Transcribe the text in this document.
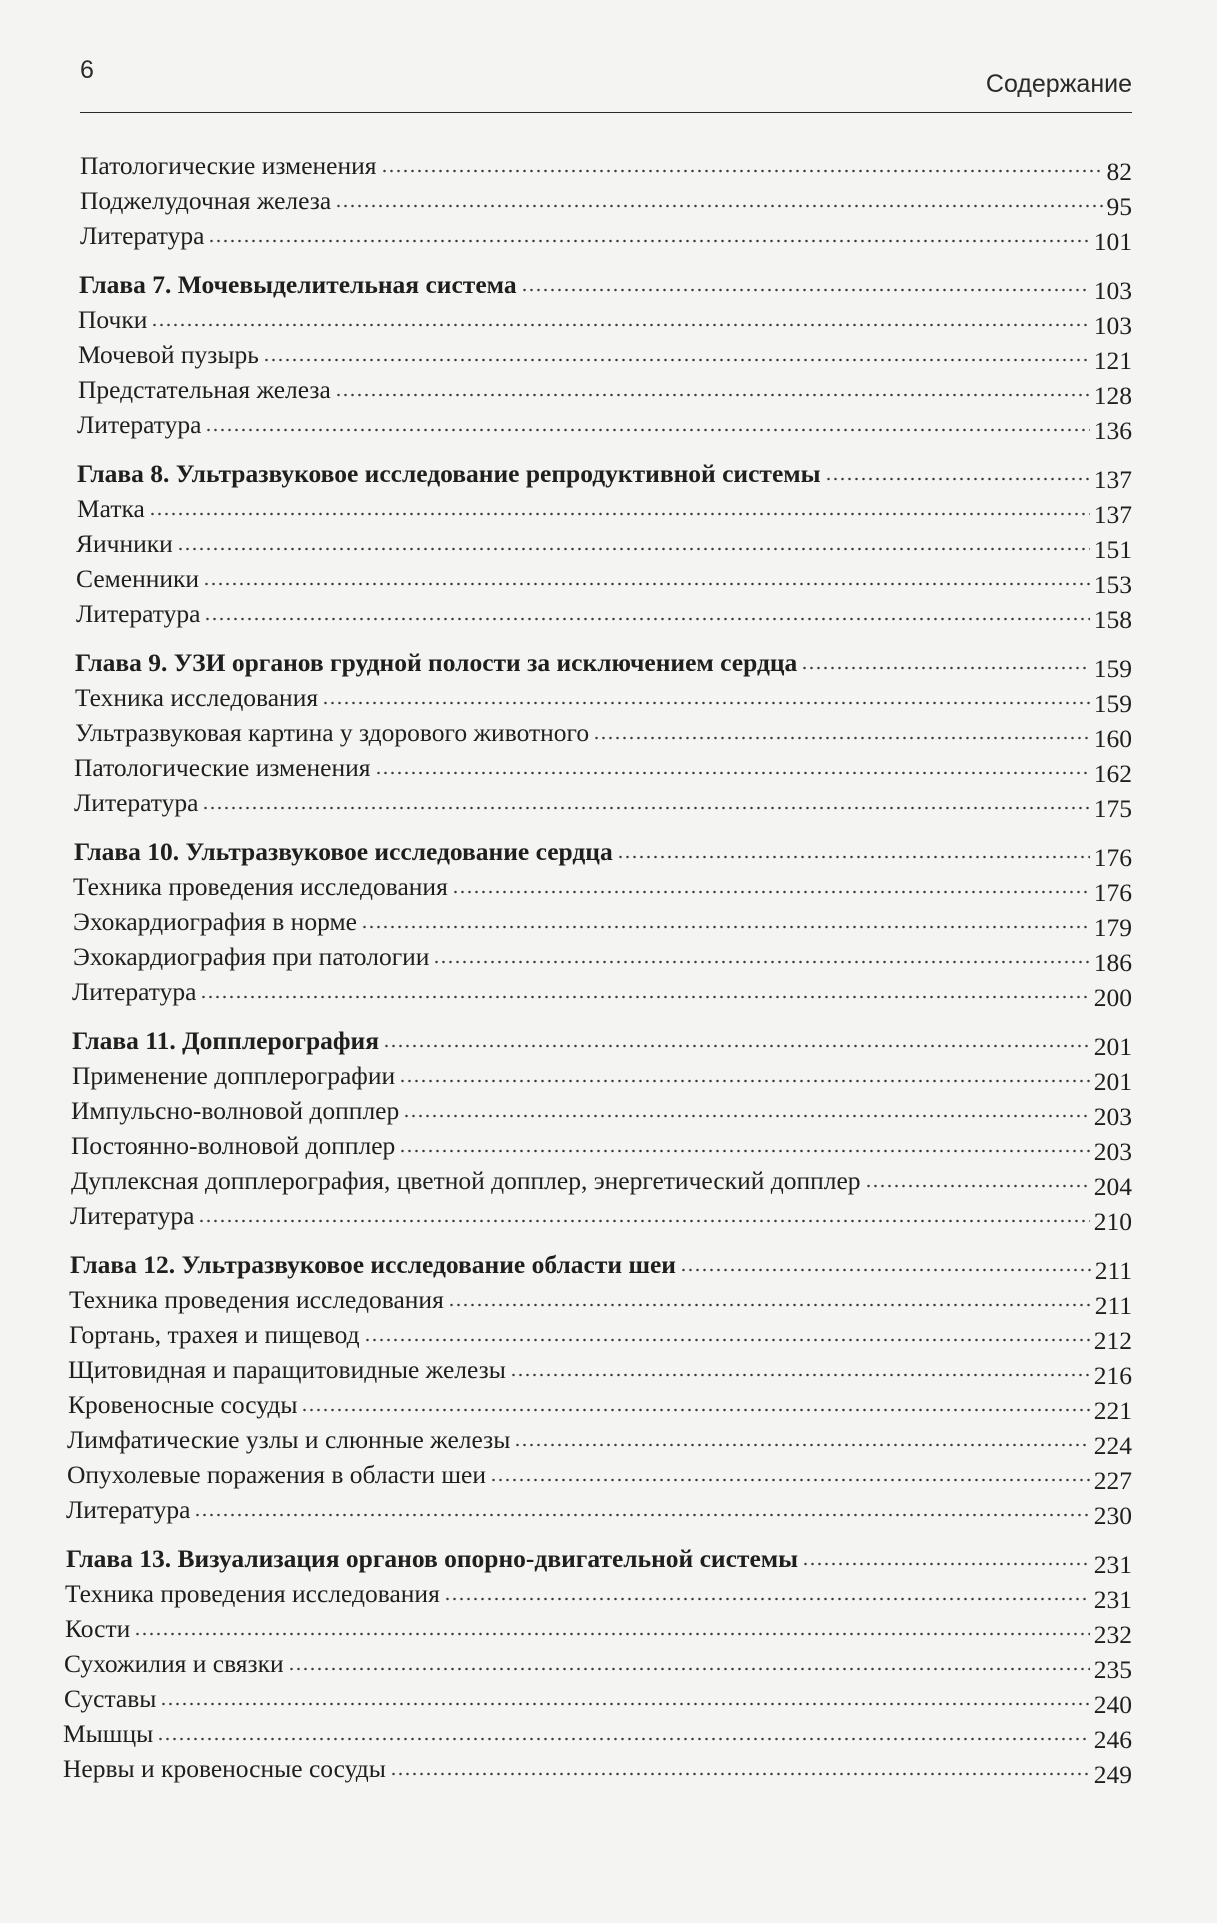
6	Содержание
Патологические изменения	82
Поджелудочная железа	95
Литература	101
Глава 7. Мочевыделительная система	103
Почки	103
Мочевой пузырь	121
Предстательная железа	128
Литература	136
Глава 8. Ультразвуковое исследование репродуктивной системы	137
Матка	137
Яичники	151
Семенники	153
Литература	158
Глава 9. УЗИ органов грудной полости за исключением сердца	159
Техника исследования	159
Ультразвуковая картина у здорового животного	160
Патологические изменения	162
Литература	175
Глава 10. Ультразвуковое исследование сердца	176
Техника проведения исследования	176
Эхокардиография в норме	179
Эхокардиография при патологии	186
Литература	200
Глава 11. Допплерография	201
Применение допплерографии	201
Импульсно-волновой допплер	203
Постоянно-волновой допплер	203
Дуплексная допплерография, цветной допплер, энергетический допплер	204
Литература	210
Глава 12. Ультразвуковое исследование области шеи	211
Техника проведения исследования	211
Гортань, трахея и пищевод	212
Щитовидная и паращитовидные железы	216
Кровеносные сосуды	221
Лимфатические узлы и слюнные железы	224
Опухолевые поражения в области шеи	227
Литература	230
Глава 13. Визуализация органов опорно-двигательной системы	231
Техника проведения исследования	231
Кости	232
Сухожилия и связки	235
Суставы	240
Мышцы	246
Нервы и кровеносные сосуды	249
